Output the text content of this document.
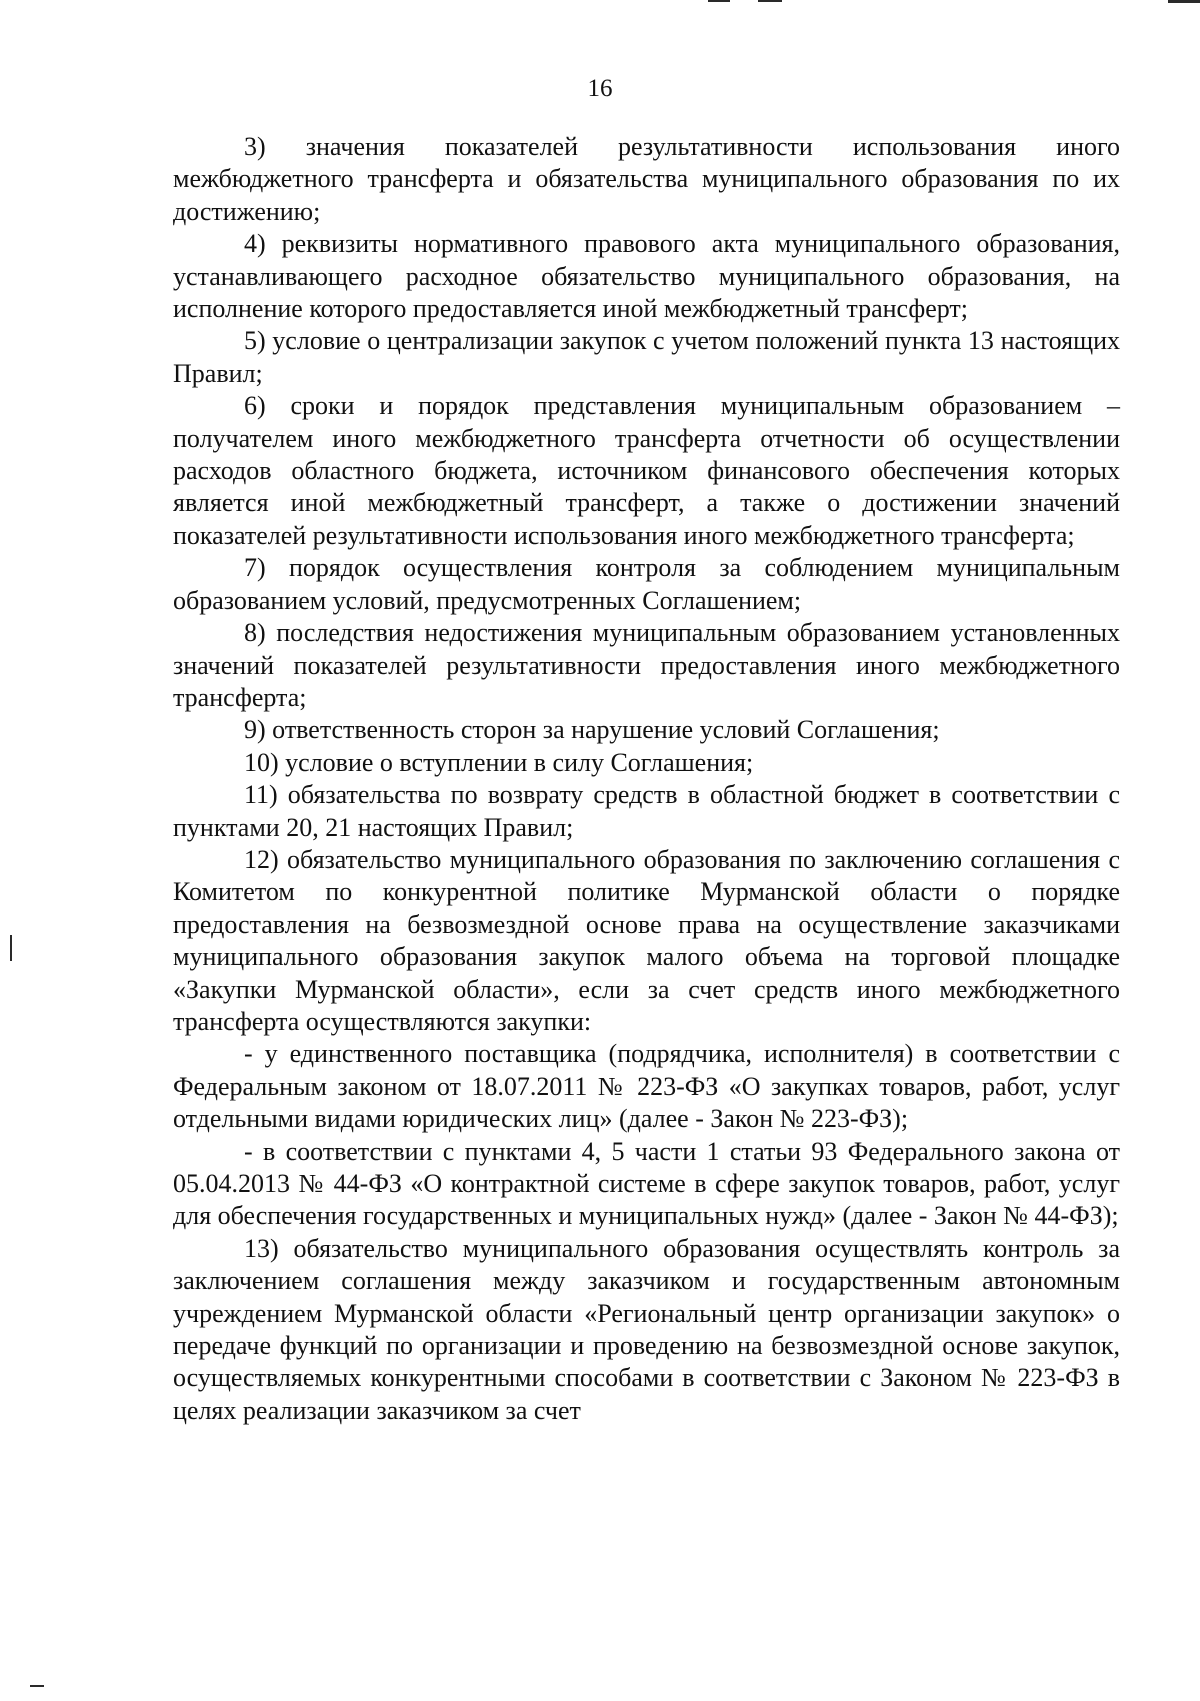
16

3) значения показателей результативности использования иного межбюджетного трансферта и обязательства муниципального образования по их достижению;

4) реквизиты нормативного правового акта муниципального образования, устанавливающего расходное обязательство муниципального образования, на исполнение которого предоставляется иной межбюджетный трансферт;

5) условие о централизации закупок с учетом положений пункта 13 настоящих Правил;

6) сроки и порядок представления муниципальным образованием – получателем иного межбюджетного трансферта отчетности об осуществлении расходов областного бюджета, источником финансового обеспечения которых является иной межбюджетный трансферт, а также о достижении значений показателей результативности использования иного межбюджетного трансферта;

7) порядок осуществления контроля за соблюдением муниципальным образованием условий, предусмотренных Соглашением;

8) последствия недостижения муниципальным образованием установленных значений показателей результативности предоставления иного межбюджетного трансферта;

9) ответственность сторон за нарушение условий Соглашения;

10) условие о вступлении в силу Соглашения;

11) обязательства по возврату средств в областной бюджет в соответствии с пунктами 20, 21 настоящих Правил;

12) обязательство муниципального образования по заключению соглашения с Комитетом по конкурентной политике Мурманской области о порядке предоставления на безвозмездной основе права на осуществление заказчиками муниципального образования закупок малого объема на торговой площадке «Закупки Мурманской области», если за счет средств иного межбюджетного трансферта осуществляются закупки:

- у единственного поставщика (подрядчика, исполнителя) в соответствии с Федеральным законом от 18.07.2011 № 223-ФЗ «О закупках товаров, работ, услуг отдельными видами юридических лиц» (далее - Закон № 223-ФЗ);

- в соответствии с пунктами 4, 5 части 1 статьи 93 Федерального закона от 05.04.2013 № 44-ФЗ «О контрактной системе в сфере закупок товаров, работ, услуг для обеспечения государственных и муниципальных нужд» (далее - Закон № 44-ФЗ);

13) обязательство муниципального образования осуществлять контроль за заключением соглашения между заказчиком и государственным автономным учреждением Мурманской области «Региональный центр организации закупок» о передаче функций по организации и проведению на безвозмездной основе закупок, осуществляемых конкурентными способами в соответствии с Законом № 223-ФЗ в целях реализации заказчиком за счет
